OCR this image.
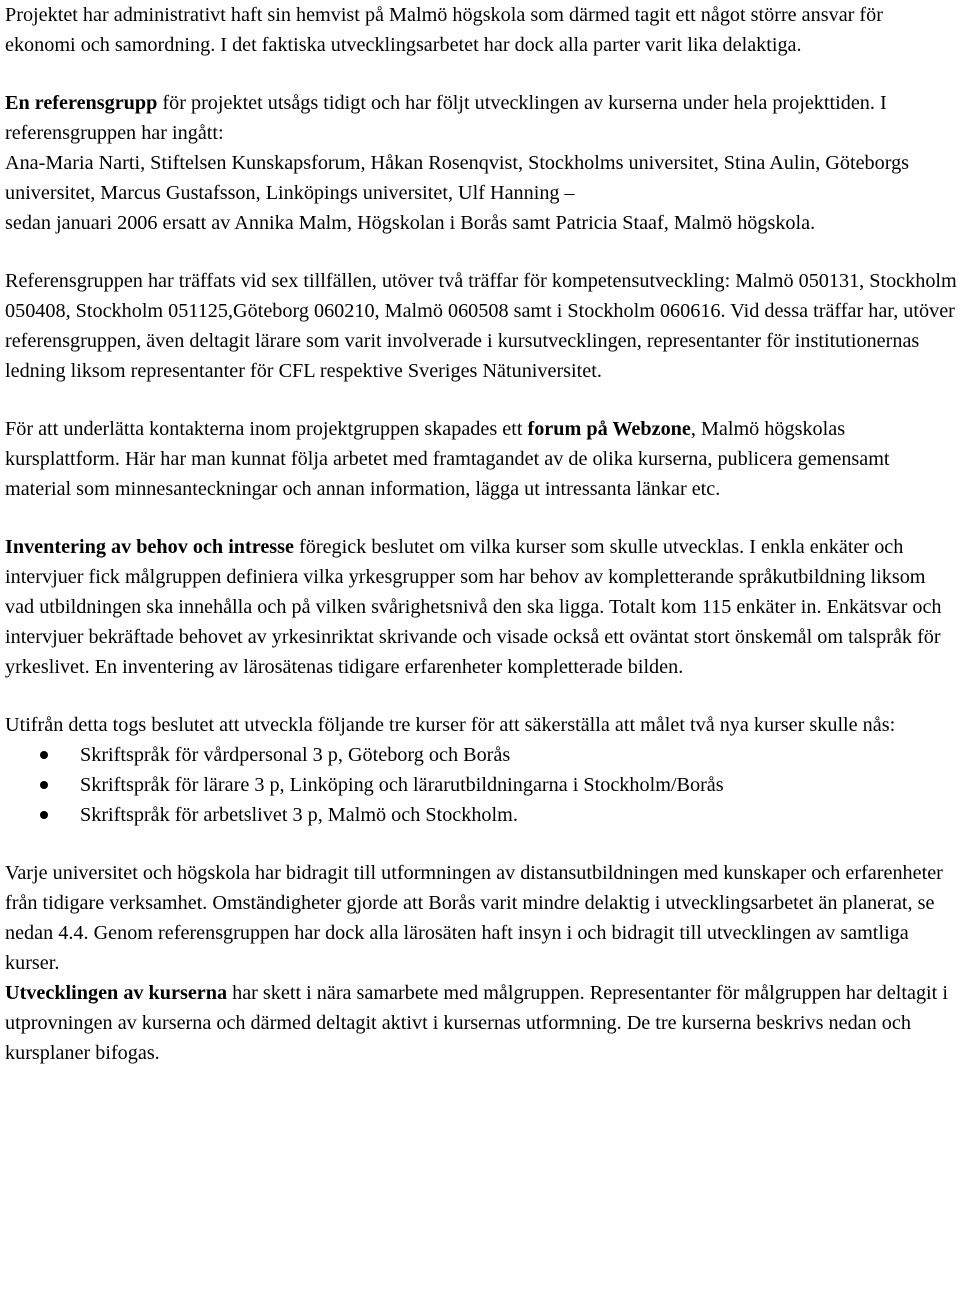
Projektet har administrativt haft sin hemvist på Malmö högskola som därmed tagit ett något större ansvar för ekonomi och samordning. I det faktiska utvecklingsarbetet har dock alla parter varit lika delaktiga.

En referensgrupp för projektet utsågs tidigt och har följt utvecklingen av kurserna under hela projekttiden. I referensgruppen har ingått:
Ana-Maria Narti, Stiftelsen Kunskapsforum, Håkan Rosenqvist, Stockholms universitet, Stina Aulin, Göteborgs universitet, Marcus Gustafsson, Linköpings universitet, Ulf Hanning –
sedan januari 2006 ersatt av Annika Malm, Högskolan i Borås samt Patricia Staaf, Malmö högskola.

Referensgruppen har träffats vid sex tillfällen, utöver två träffar för kompetensutveckling: Malmö 050131, Stockholm 050408, Stockholm 051125,Göteborg 060210, Malmö 060508 samt i Stockholm 060616. Vid dessa träffar har, utöver referensgruppen, även deltagit lärare som varit involverade i kursutvecklingen, representanter för institutionernas ledning liksom representanter för CFL respektive Sveriges Nätuniversitet.

För att underlätta kontakterna inom projektgruppen skapades ett forum på Webzone, Malmö högskolas kursplattform. Här har man kunnat följa arbetet med framtagandet av de olika kurserna, publicera gemensamt material som minnesanteckningar och annan information, lägga ut intressanta länkar etc.

Inventering av behov och intresse föregick beslutet om vilka kurser som skulle utvecklas. I enkla enkäter och intervjuer fick målgruppen definiera vilka yrkesgrupper som har behov av kompletterande språkutbildning liksom vad utbildningen ska innehålla och på vilken svårighetsnivå den ska ligga. Totalt kom 115 enkäter in. Enkätsvar och intervjuer bekräftade behovet av yrkesinriktat skrivande och visade också ett oväntat stort önskemål om talspråk för yrkeslivet. En inventering av lärosätenas tidigare erfarenheter kompletterade bilden.

Utifrån detta togs beslutet att utveckla följande tre kurser för att säkerställa att målet två nya kurser skulle nås:

Skriftspråk för vårdpersonal 3 p, Göteborg och Borås
Skriftspråk för lärare 3 p, Linköping och lärarutbildningarna i Stockholm/Borås
Skriftspråk för arbetslivet 3 p, Malmö och Stockholm.

Varje universitet och högskola har bidragit till utformningen av distansutbildningen med kunskaper och erfarenheter från tidigare verksamhet. Omständigheter gjorde att Borås varit mindre delaktig i utvecklingsarbetet än planerat, se nedan 4.4. Genom referensgruppen har dock alla lärosäten haft insyn i och bidragit till utvecklingen av samtliga kurser.

Utvecklingen av kurserna har skett i nära samarbete med målgruppen. Representanter för målgruppen har deltagit i utprovningen av kurserna och därmed deltagit aktivt i kursernas utformning. De tre kurserna beskrivs nedan och kursplaner bifogas.
